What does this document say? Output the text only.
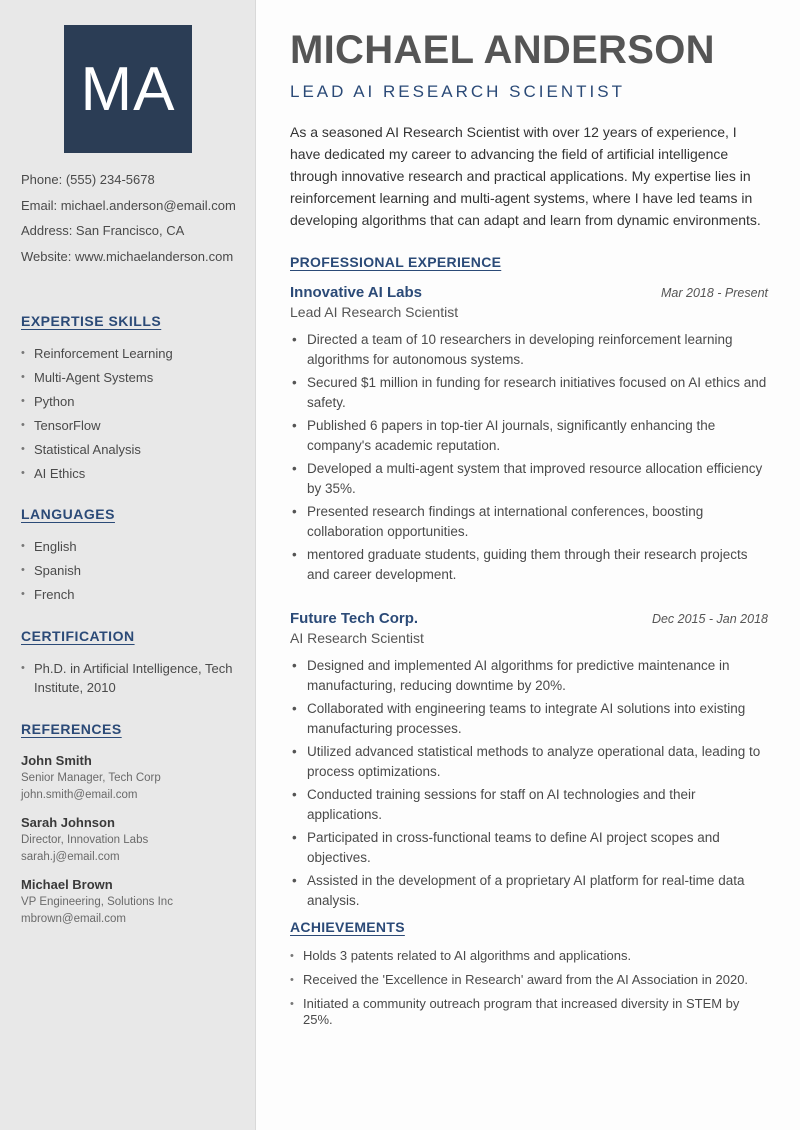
MA
Phone: (555) 234-5678
Email: michael.anderson@email.com
Address: San Francisco, CA
Website: www.michaelanderson.com
EXPERTISE SKILLS
• Reinforcement Learning
• Multi-Agent Systems
• Python
• TensorFlow
• Statistical Analysis
• AI Ethics
LANGUAGES
• English
• Spanish
• French
CERTIFICATION
• Ph.D. in Artificial Intelligence, Tech Institute, 2010
REFERENCES
John Smith
Senior Manager, Tech Corp
john.smith@email.com
Sarah Johnson
Director, Innovation Labs
sarah.j@email.com
Michael Brown
VP Engineering, Solutions Inc
mbrown@email.com
MICHAEL ANDERSON
LEAD AI RESEARCH SCIENTIST

As a seasoned AI Research Scientist with over 12 years of experience, I have dedicated my career to advancing the field of artificial intelligence through innovative research and practical applications. My expertise lies in reinforcement learning and multi-agent systems, where I have led teams in developing algorithms that can adapt and learn from dynamic environments.

PROFESSIONAL EXPERIENCE
Innovative AI Labs	Mar 2018 - Present
Lead AI Research Scientist
• Directed a team of 10 researchers in developing reinforcement learning algorithms for autonomous systems.
• Secured $1 million in funding for research initiatives focused on AI ethics and safety.
• Published 6 papers in top-tier AI journals, significantly enhancing the company's academic reputation.
• Developed a multi-agent system that improved resource allocation efficiency by 35%.
• Presented research findings at international conferences, boosting collaboration opportunities.
• mentored graduate students, guiding them through their research projects and career development.
Future Tech Corp.	Dec 2015 - Jan 2018
AI Research Scientist
• Designed and implemented AI algorithms for predictive maintenance in manufacturing, reducing downtime by 20%.
• Collaborated with engineering teams to integrate AI solutions into existing manufacturing processes.
• Utilized advanced statistical methods to analyze operational data, leading to process optimizations.
• Conducted training sessions for staff on AI technologies and their applications.
• Participated in cross-functional teams to define AI project scopes and objectives.
• Assisted in the development of a proprietary AI platform for real-time data analysis.
ACHIEVEMENTS
• Holds 3 patents related to AI algorithms and applications.
• Received the 'Excellence in Research' award from the AI Association in 2020.
• Initiated a community outreach program that increased diversity in STEM by 25%.
